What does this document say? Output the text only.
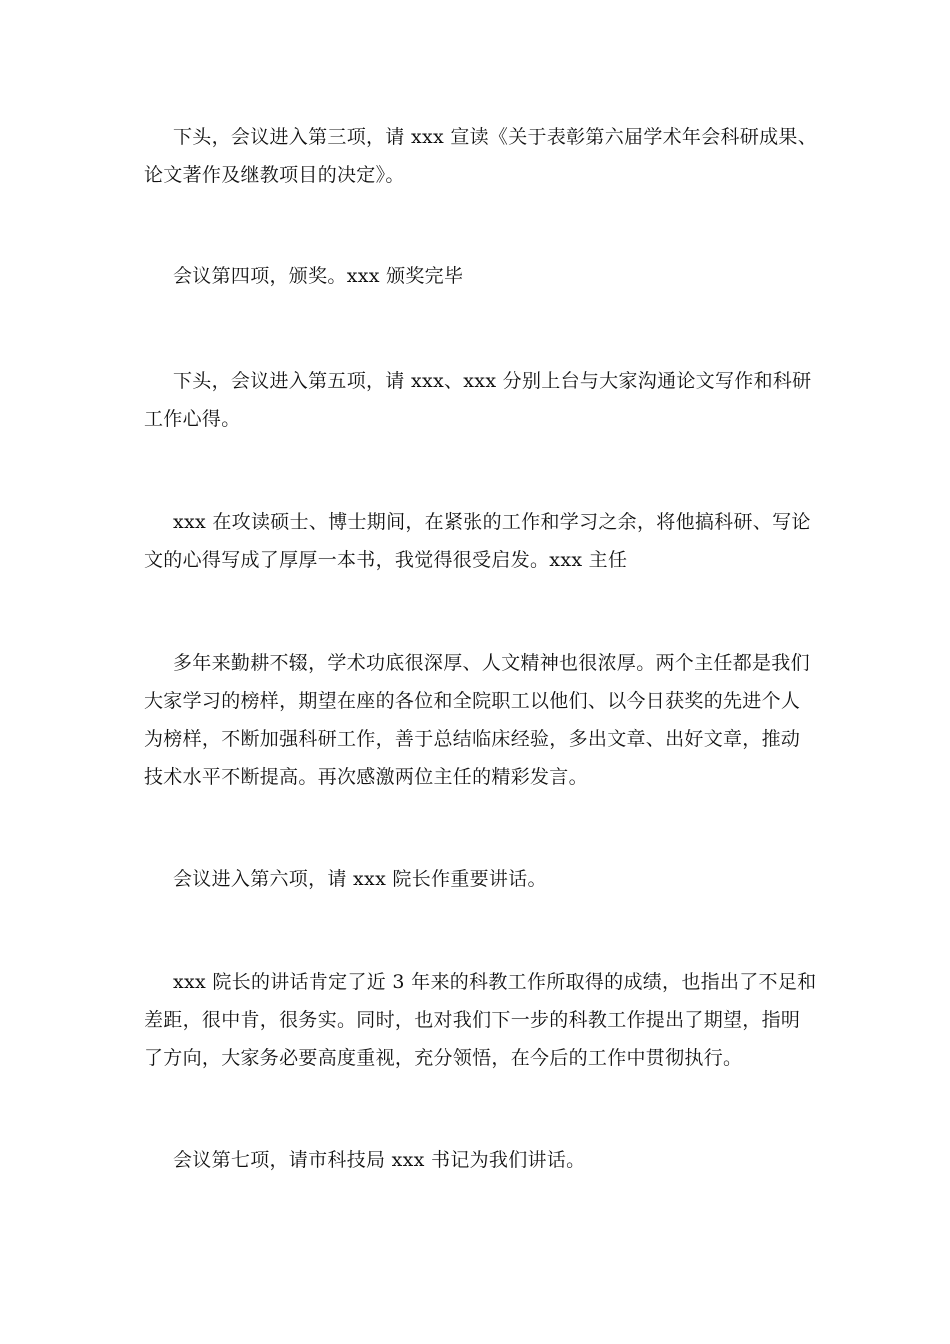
下头，会议进入第三项，请 xxx 宣读《关于表彰第六届学术年会科研成果、
论文著作及继教项目的决定》。
会议第四项，颁奖。xxx 颁奖完毕
下头，会议进入第五项，请 xxx、xxx 分别上台与大家沟通论文写作和科研
工作心得。
xxx 在攻读硕士、博士期间，在紧张的工作和学习之余，将他搞科研、写论
文的心得写成了厚厚一本书，我觉得很受启发。xxx 主任
多年来勤耕不辍，学术功底很深厚、人文精神也很浓厚。两个主任都是我们
大家学习的榜样，期望在座的各位和全院职工以他们、以今日获奖的先进个人
为榜样，不断加强科研工作，善于总结临床经验，多出文章、出好文章，推动
技术水平不断提高。再次感激两位主任的精彩发言。
会议进入第六项，请 xxx 院长作重要讲话。
xxx 院长的讲话肯定了近 3 年来的科教工作所取得的成绩，也指出了不足和
差距，很中肯，很务实。同时，也对我们下一步的科教工作提出了期望，指明
了方向，大家务必要高度重视，充分领悟，在今后的工作中贯彻执行。
会议第七项，请市科技局 xxx 书记为我们讲话。
